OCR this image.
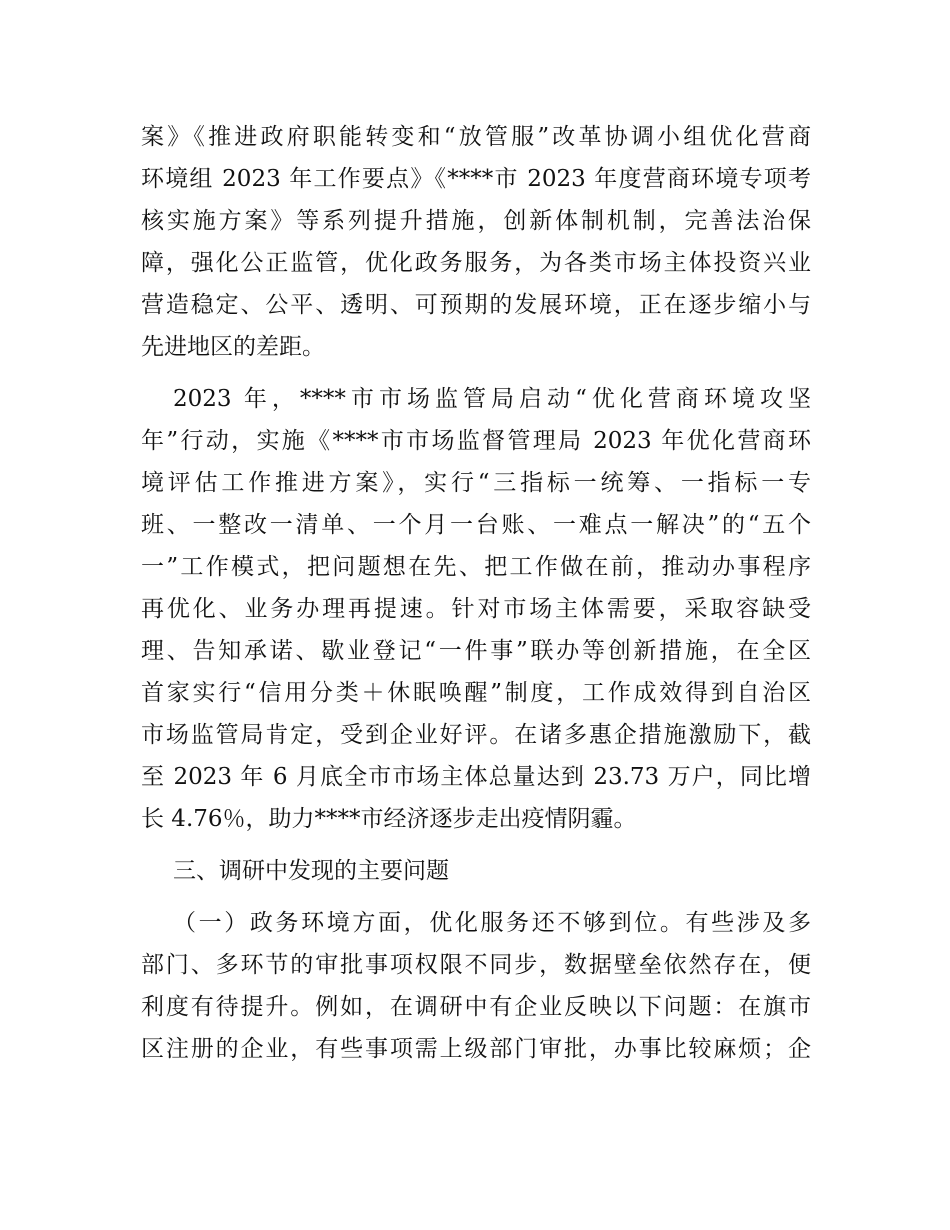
案》《推进政府职能转变和“放管服”改革协调小组优化营商
环境组 2023 年工作要点》《****市 2023 年度营商环境专项考
核实施方案》等系列提升措施，创新体制机制，完善法治保
障，强化公正监管，优化政务服务，为各类市场主体投资兴业
营造稳定、公平、透明、可预期的发展环境，正在逐步缩小与
先进地区的差距。
2023 年，****市市场监管局启动“优化营商环境攻坚
年”行动，实施《****市市场监督管理局 2023 年优化营商环
境评估工作推进方案》，实行“三指标一统筹、一指标一专
班、一整改一清单、一个月一台账、一难点一解决”的“五个
一”工作模式，把问题想在先、把工作做在前，推动办事程序
再优化、业务办理再提速。针对市场主体需要，采取容缺受
理、告知承诺、歇业登记“一件事”联办等创新措施，在全区
首家实行“信用分类＋休眠唤醒”制度，工作成效得到自治区
市场监管局肯定，受到企业好评。在诸多惠企措施激励下，截
至 2023 年 6 月底全市市场主体总量达到 23.73 万户，同比增
长 4.76％，助力****市经济逐步走出疫情阴霾。
三、调研中发现的主要问题
（一）政务环境方面，优化服务还不够到位。有些涉及多
部门、多环节的审批事项权限不同步，数据壁垒依然存在，便
利度有待提升。例如，在调研中有企业反映以下问题：在旗市
区注册的企业，有些事项需上级部门审批，办事比较麻烦；企
